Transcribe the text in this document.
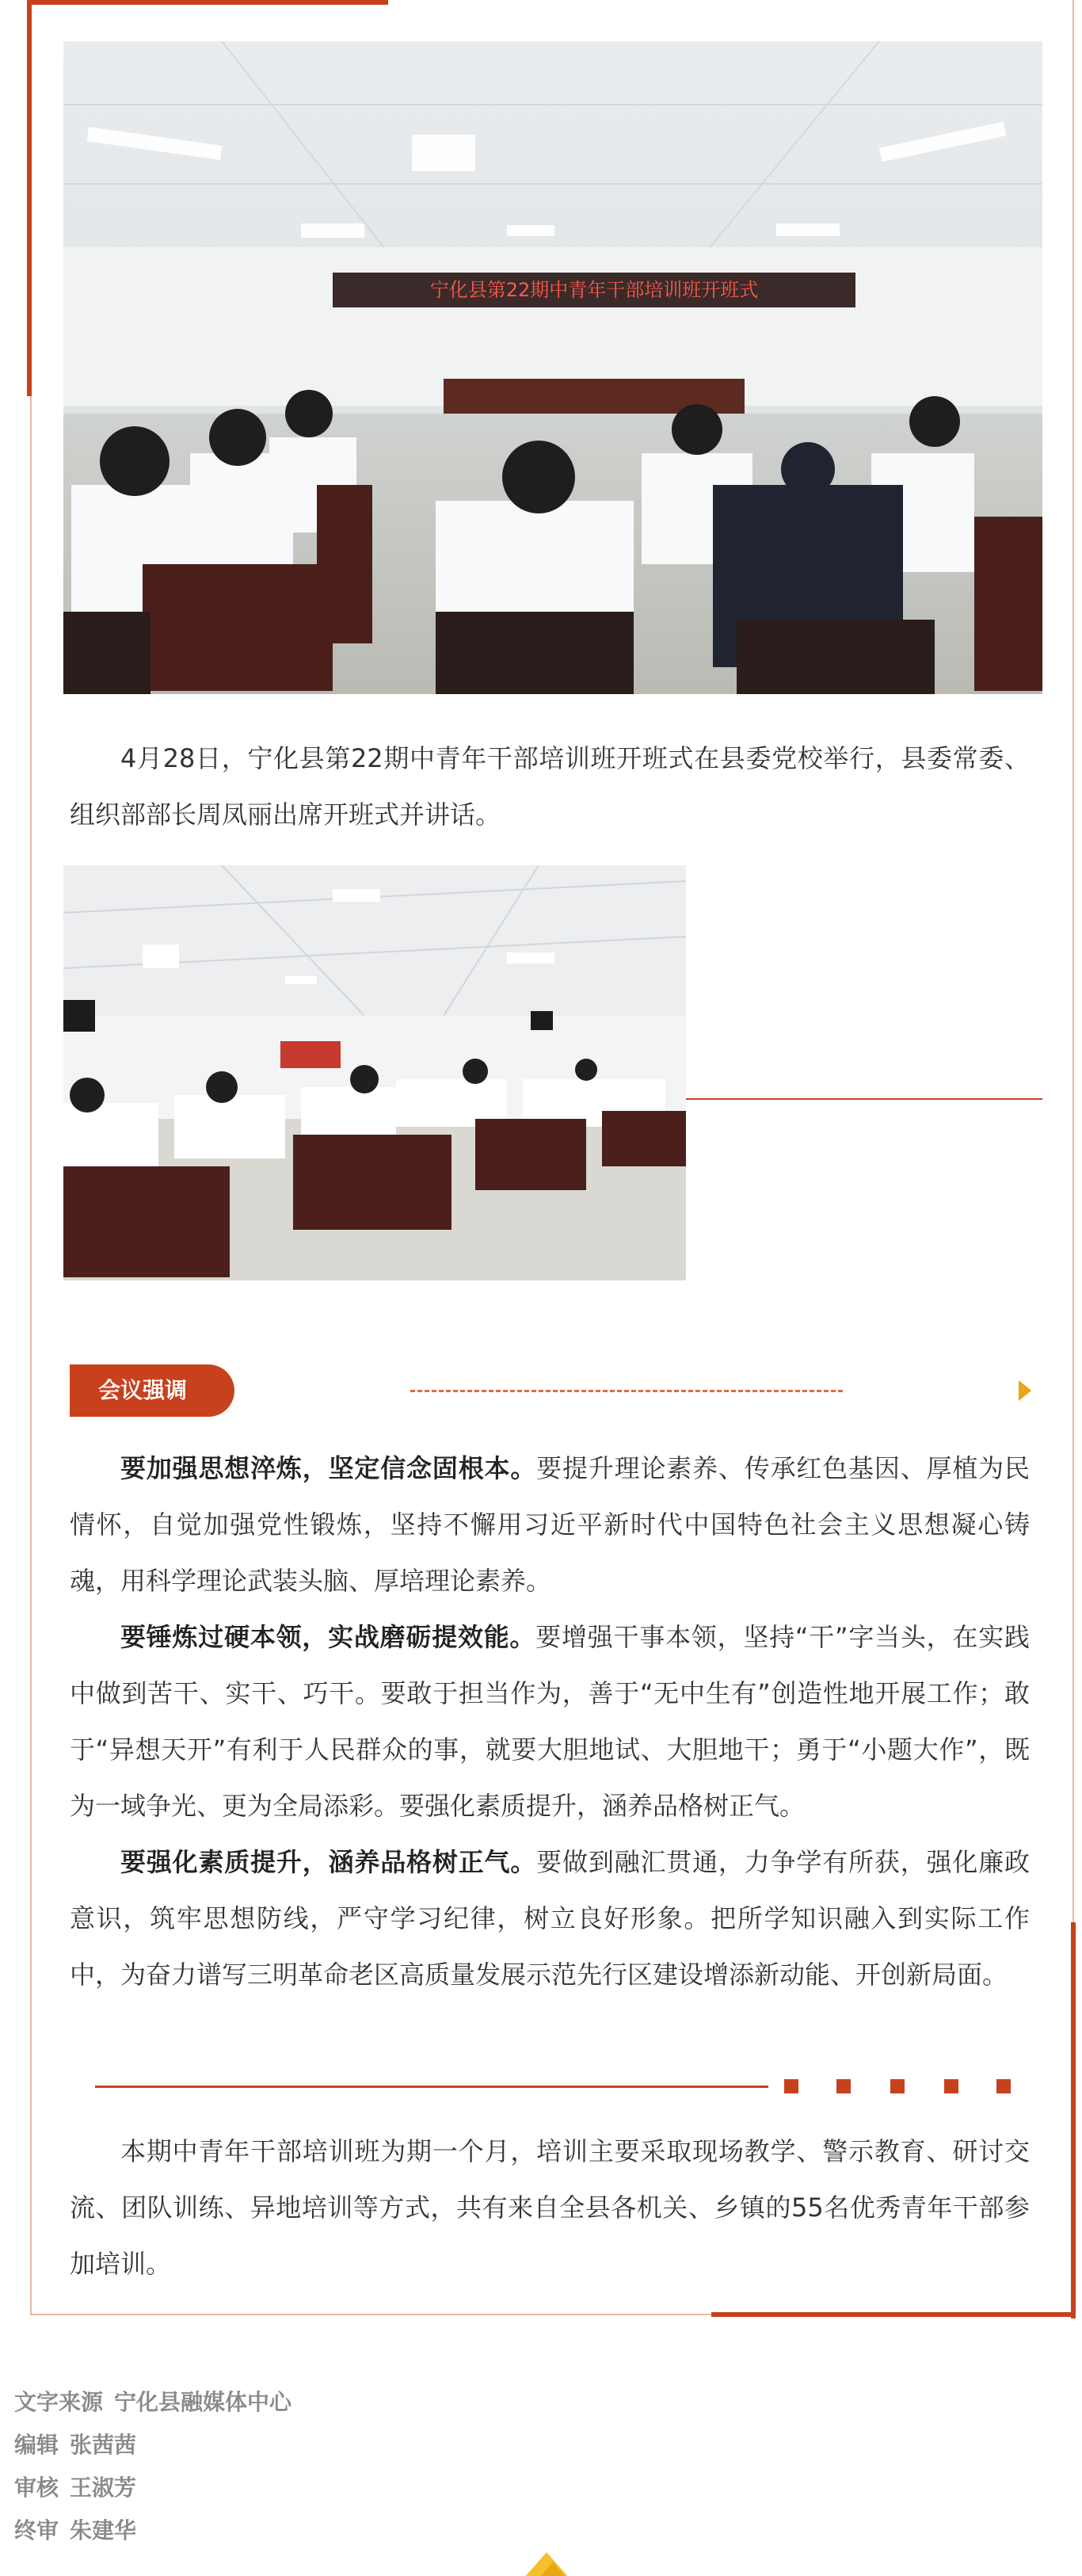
宁化县第22期中青年干部培训班开班式

4月28日，宁化县第22期中青年干部培训班开班式在县委党校举行，县委常委、组织部部长周凤丽出席开班式并讲话。

会议强调

要加强思想淬炼，坚定信念固根本。要提升理论素养、传承红色基因、厚植为民情怀，自觉加强党性锻炼，坚持不懈用习近平新时代中国特色社会主义思想凝心铸魂，用科学理论武装头脑、厚培理论素养。

要锤炼过硬本领，实战磨砺提效能。要增强干事本领，坚持“干”字当头，在实践中做到苦干、实干、巧干。要敢于担当作为，善于“无中生有”创造性地开展工作；敢于“异想天开”有利于人民群众的事，就要大胆地试、大胆地干；勇于“小题大作”，既为一域争光、更为全局添彩。要强化素质提升，涵养品格树正气。

要强化素质提升，涵养品格树正气。要做到融汇贯通，力争学有所获，强化廉政意识，筑牢思想防线，严守学习纪律，树立良好形象。把所学知识融入到实际工作中，为奋力谱写三明革命老区高质量发展示范先行区建设增添新动能、开创新局面。

本期中青年干部培训班为期一个月，培训主要采取现场教学、警示教育、研讨交流、团队训练、异地培训等方式，共有来自全县各机关、乡镇的55名优秀青年干部参加培训。

文字来源 宁化县融媒体中心
编辑 张茜茜
审核 王淑芳
终审 朱建华
